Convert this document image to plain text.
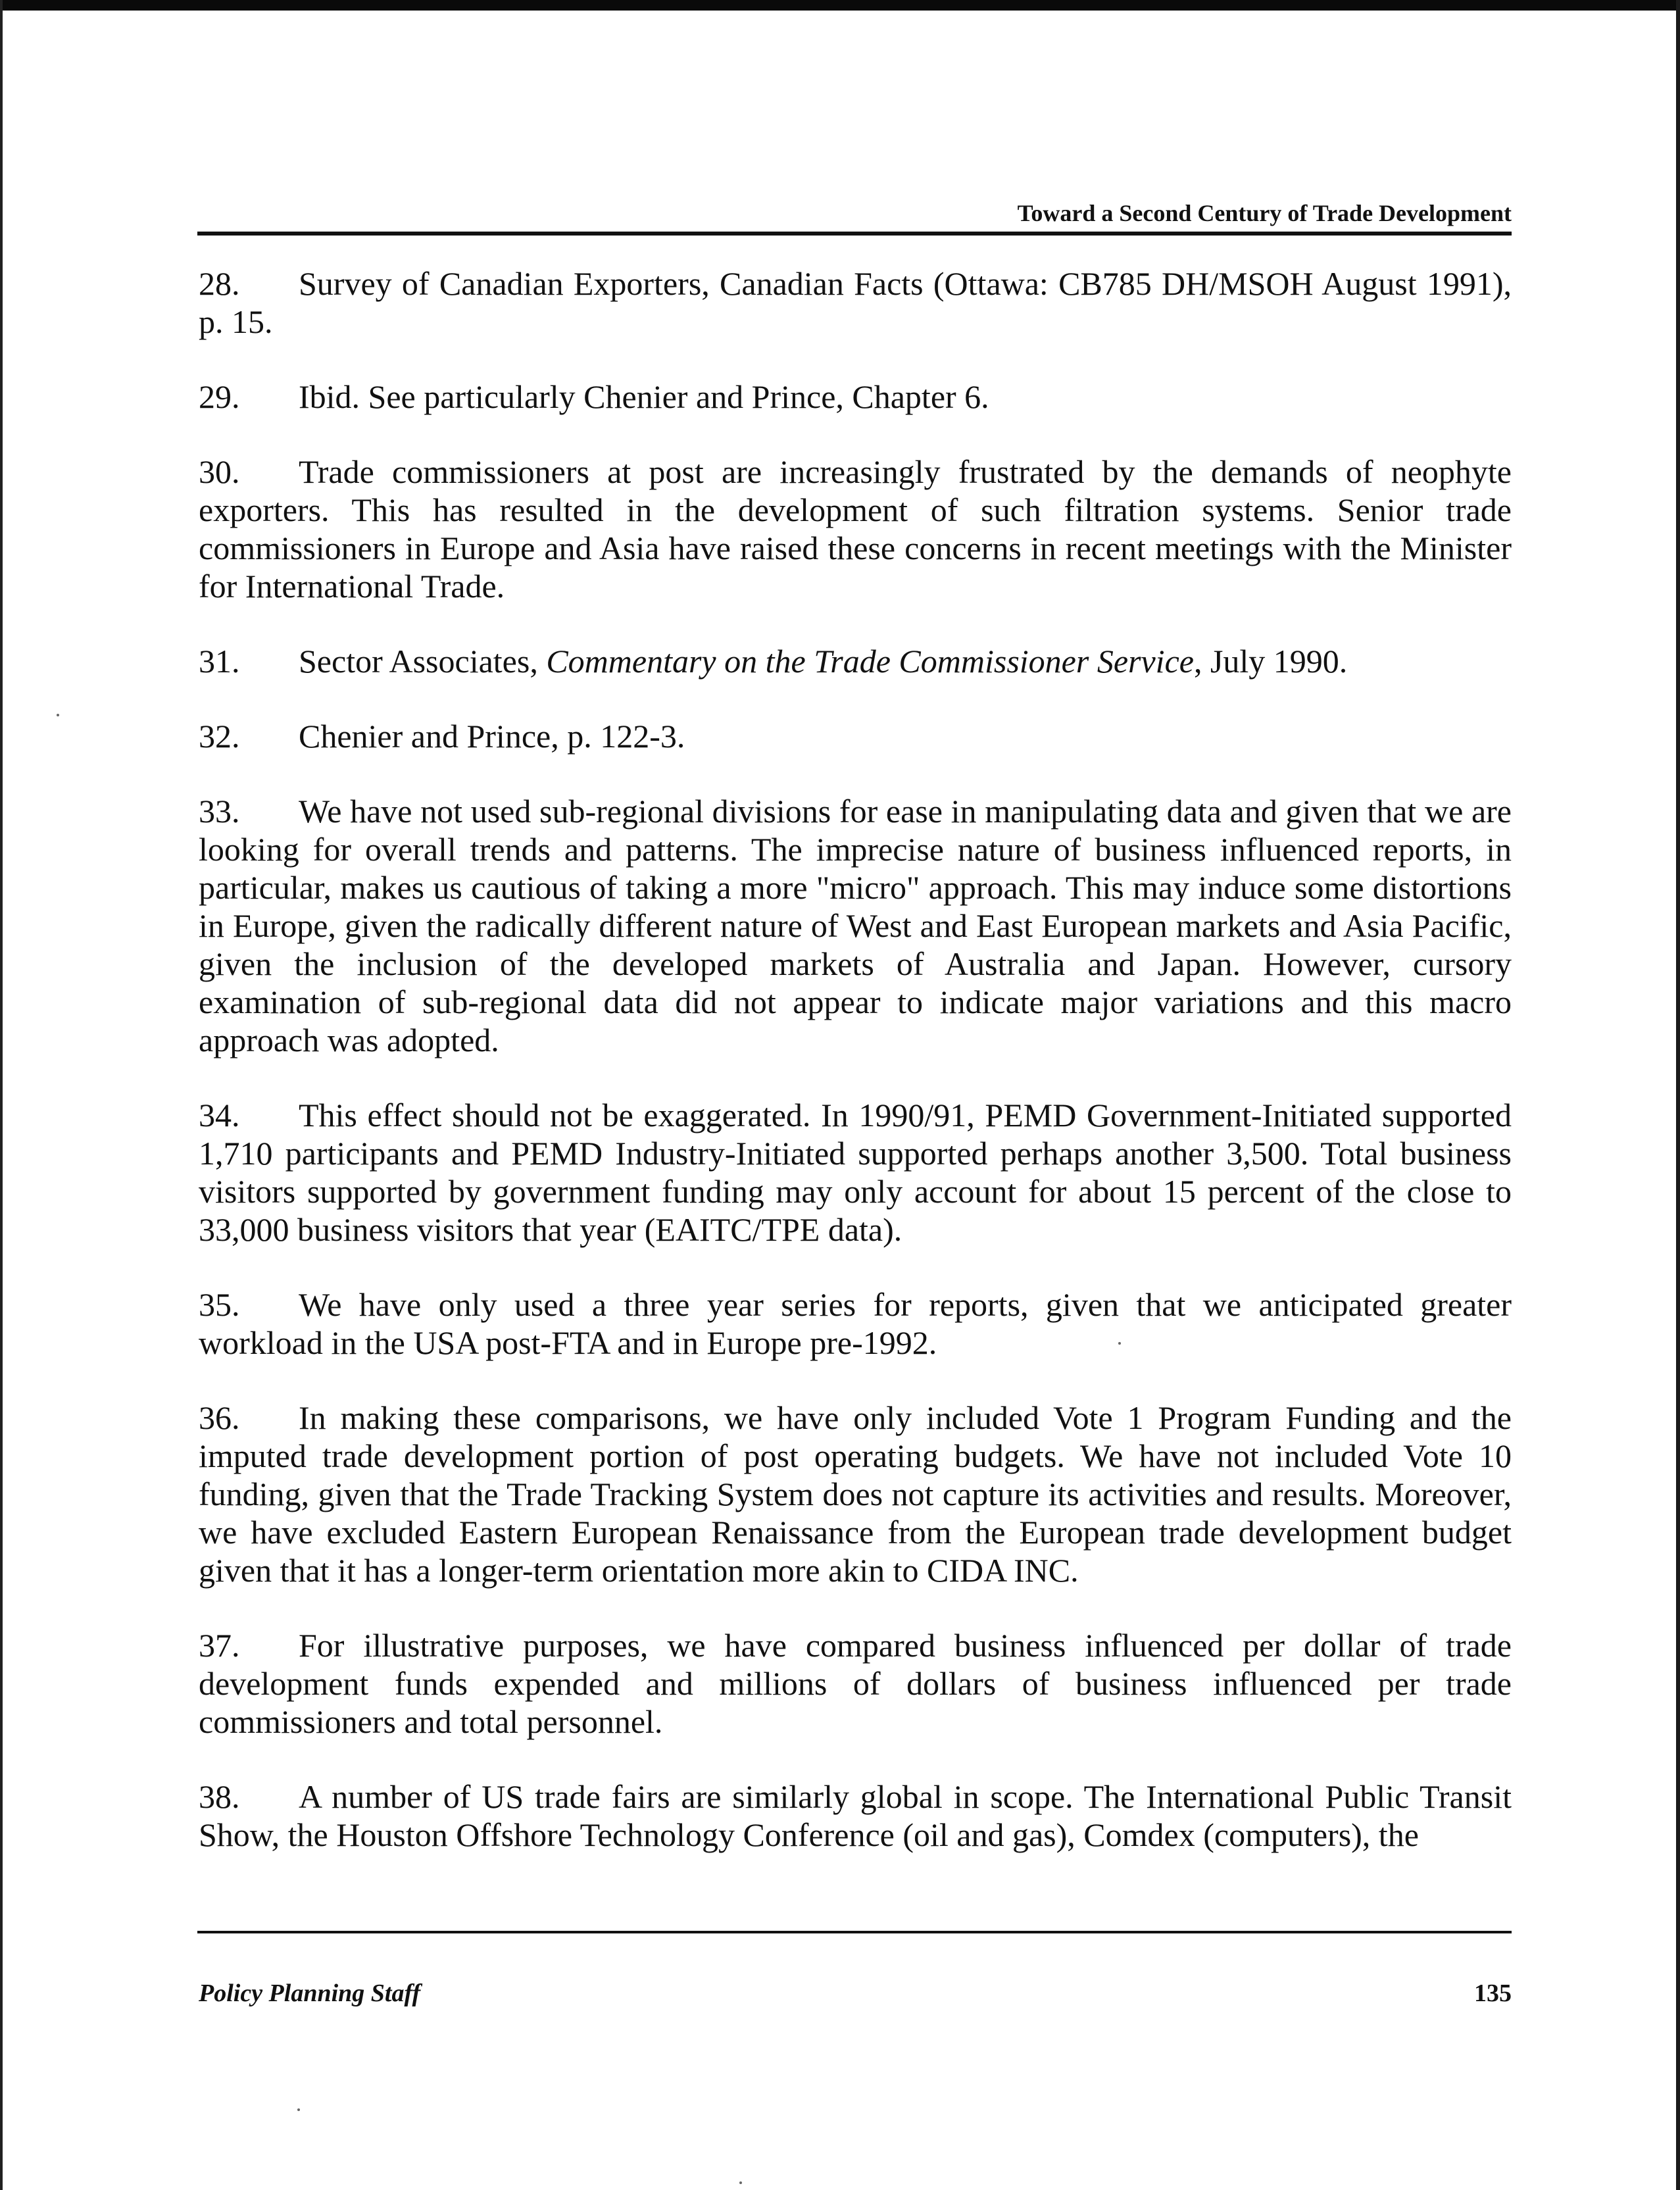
Toward a Second Century of Trade Development

28. Survey of Canadian Exporters, Canadian Facts (Ottawa: CB785 DH/MSOH August 1991), p. 15.

29. Ibid. See particularly Chenier and Prince, Chapter 6.

30. Trade commissioners at post are increasingly frustrated by the demands of neophyte exporters. This has resulted in the development of such filtration systems. Senior trade commissioners in Europe and Asia have raised these concerns in recent meetings with the Minister for International Trade.

31. Sector Associates, Commentary on the Trade Commissioner Service, July 1990.

32. Chenier and Prince, p. 122-3.

33. We have not used sub-regional divisions for ease in manipulating data and given that we are looking for overall trends and patterns. The imprecise nature of business influenced reports, in particular, makes us cautious of taking a more "micro" approach. This may induce some distortions in Europe, given the radically different nature of West and East European markets and Asia Pacific, given the inclusion of the developed markets of Australia and Japan. However, cursory examination of sub-regional data did not appear to indicate major variations and this macro approach was adopted.

34. This effect should not be exaggerated. In 1990/91, PEMD Government-Initiated supported 1,710 participants and PEMD Industry-Initiated supported perhaps another 3,500. Total business visitors supported by government funding may only account for about 15 percent of the close to 33,000 business visitors that year (EAITC/TPE data).

35. We have only used a three year series for reports, given that we anticipated greater workload in the USA post-FTA and in Europe pre-1992.

36. In making these comparisons, we have only included Vote 1 Program Funding and the imputed trade development portion of post operating budgets. We have not included Vote 10 funding, given that the Trade Tracking System does not capture its activities and results. Moreover, we have excluded Eastern European Renaissance from the European trade development budget given that it has a longer-term orientation more akin to CIDA INC.

37. For illustrative purposes, we have compared business influenced per dollar of trade development funds expended and millions of dollars of business influenced per trade commissioners and total personnel.

38. A number of US trade fairs are similarly global in scope. The International Public Transit Show, the Houston Offshore Technology Conference (oil and gas), Comdex (computers), the

Policy Planning Staff	135
